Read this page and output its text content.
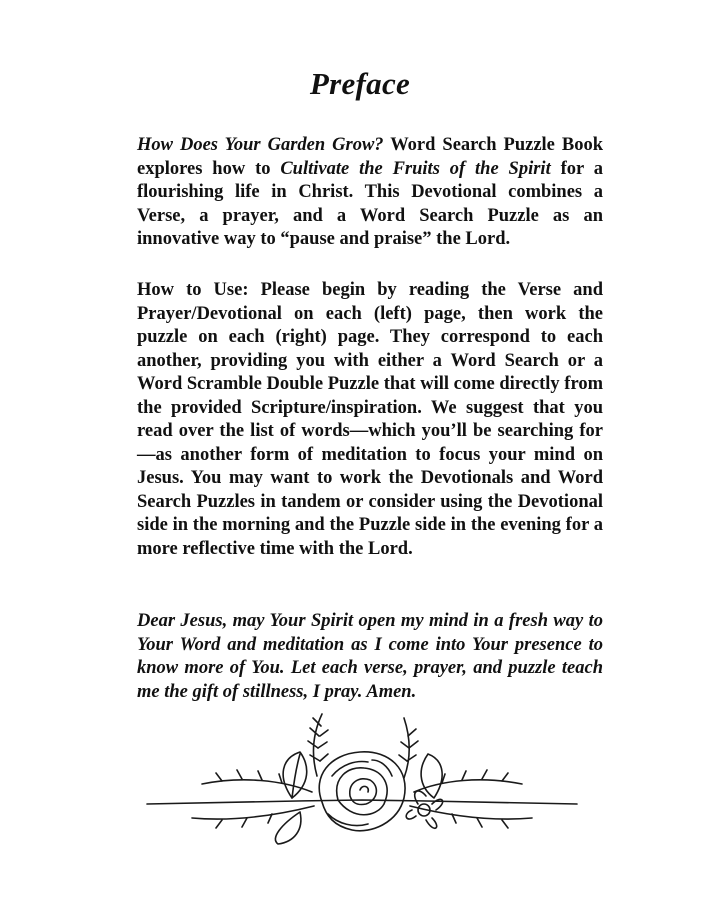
Preface

How Does Your Garden Grow? Word Search Puzzle Book explores how to Cultivate the Fruits of the Spirit for a flourishing life in Christ. This Devotional combines a Verse, a prayer, and a Word Search Puzzle as an innovative way to “pause and praise” the Lord.

How to Use: Please begin by reading the Verse and Prayer/Devotional on each (left) page, then work the puzzle on each (right) page. They correspond to each another, providing you with either a Word Search or a Word Scramble Double Puzzle that will come directly from the provided Scripture/inspiration. We suggest that you read over the list of words—which you’ll be searching for—as another form of meditation to focus your mind on Jesus. You may want to work the Devotionals and Word Search Puzzles in tandem or consider using the Devotional side in the morning and the Puzzle side in the evening for a more reflective time with the Lord.

Dear Jesus, may Your Spirit open my mind in a fresh way to Your Word and meditation as I come into Your presence to know more of You. Let each verse, prayer, and puzzle teach me the gift of stillness, I pray. Amen.
